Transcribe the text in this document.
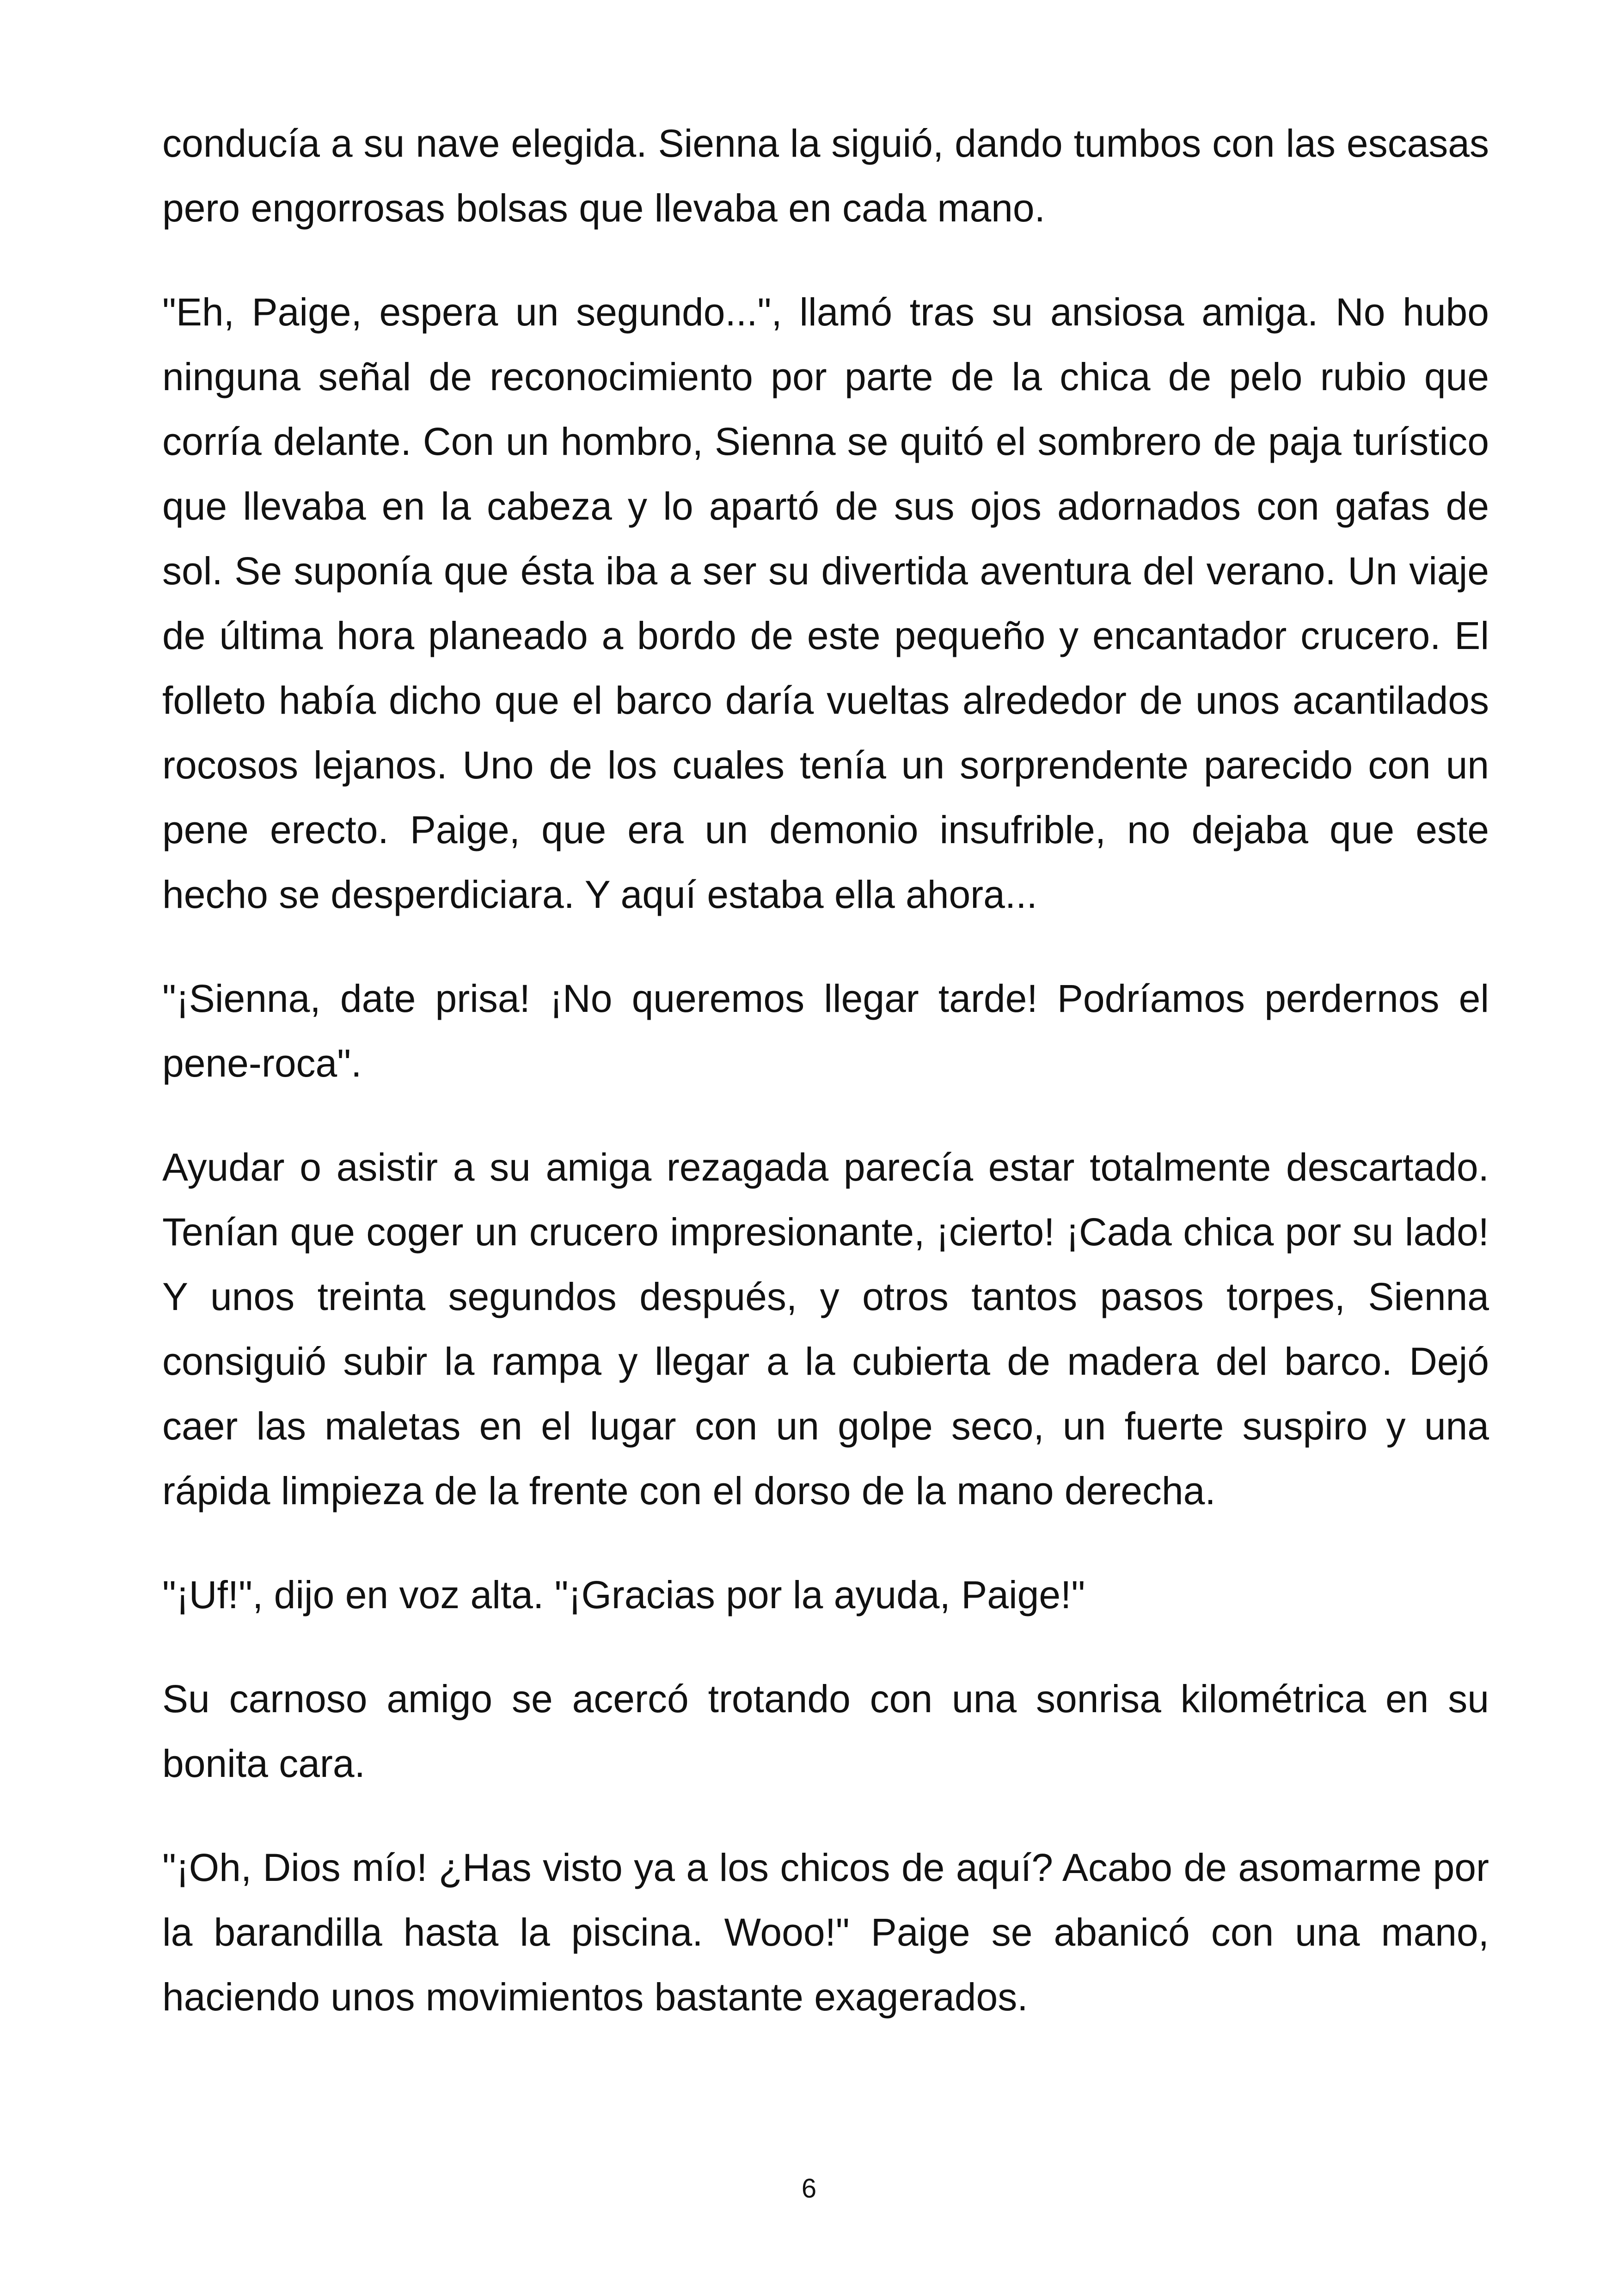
conducía a su nave elegida. Sienna la siguió, dando tumbos con las escasas pero engorrosas bolsas que llevaba en cada mano.

"Eh, Paige, espera un segundo...", llamó tras su ansiosa amiga. No hubo ninguna señal de reconocimiento por parte de la chica de pelo rubio que corría delante. Con un hombro, Sienna se quitó el sombrero de paja turístico que llevaba en la cabeza y lo apartó de sus ojos adornados con gafas de sol. Se suponía que ésta iba a ser su divertida aventura del verano. Un viaje de última hora planeado a bordo de este pequeño y encantador crucero. El folleto había dicho que el barco daría vueltas alrededor de unos acantilados rocosos lejanos. Uno de los cuales tenía un sorprendente parecido con un pene erecto. Paige, que era un demonio insufrible, no dejaba que este hecho se desperdiciara. Y aquí estaba ella ahora...

"¡Sienna, date prisa! ¡No queremos llegar tarde! Podríamos perdernos el pene-roca".

Ayudar o asistir a su amiga rezagada parecía estar totalmente descartado. Tenían que coger un crucero impresionante, ¡cierto! ¡Cada chica por su lado! Y unos treinta segundos después, y otros tantos pasos torpes, Sienna consiguió subir la rampa y llegar a la cubierta de madera del barco. Dejó caer las maletas en el lugar con un golpe seco, un fuerte suspiro y una rápida limpieza de la frente con el dorso de la mano derecha.

"¡Uf!", dijo en voz alta. "¡Gracias por la ayuda, Paige!"

Su carnoso amigo se acercó trotando con una sonrisa kilométrica en su bonita cara.

"¡Oh, Dios mío! ¿Has visto ya a los chicos de aquí? Acabo de asomarme por la barandilla hasta la piscina. Wooo!" Paige se abanicó con una mano, haciendo unos movimientos bastante exagerados.

6
